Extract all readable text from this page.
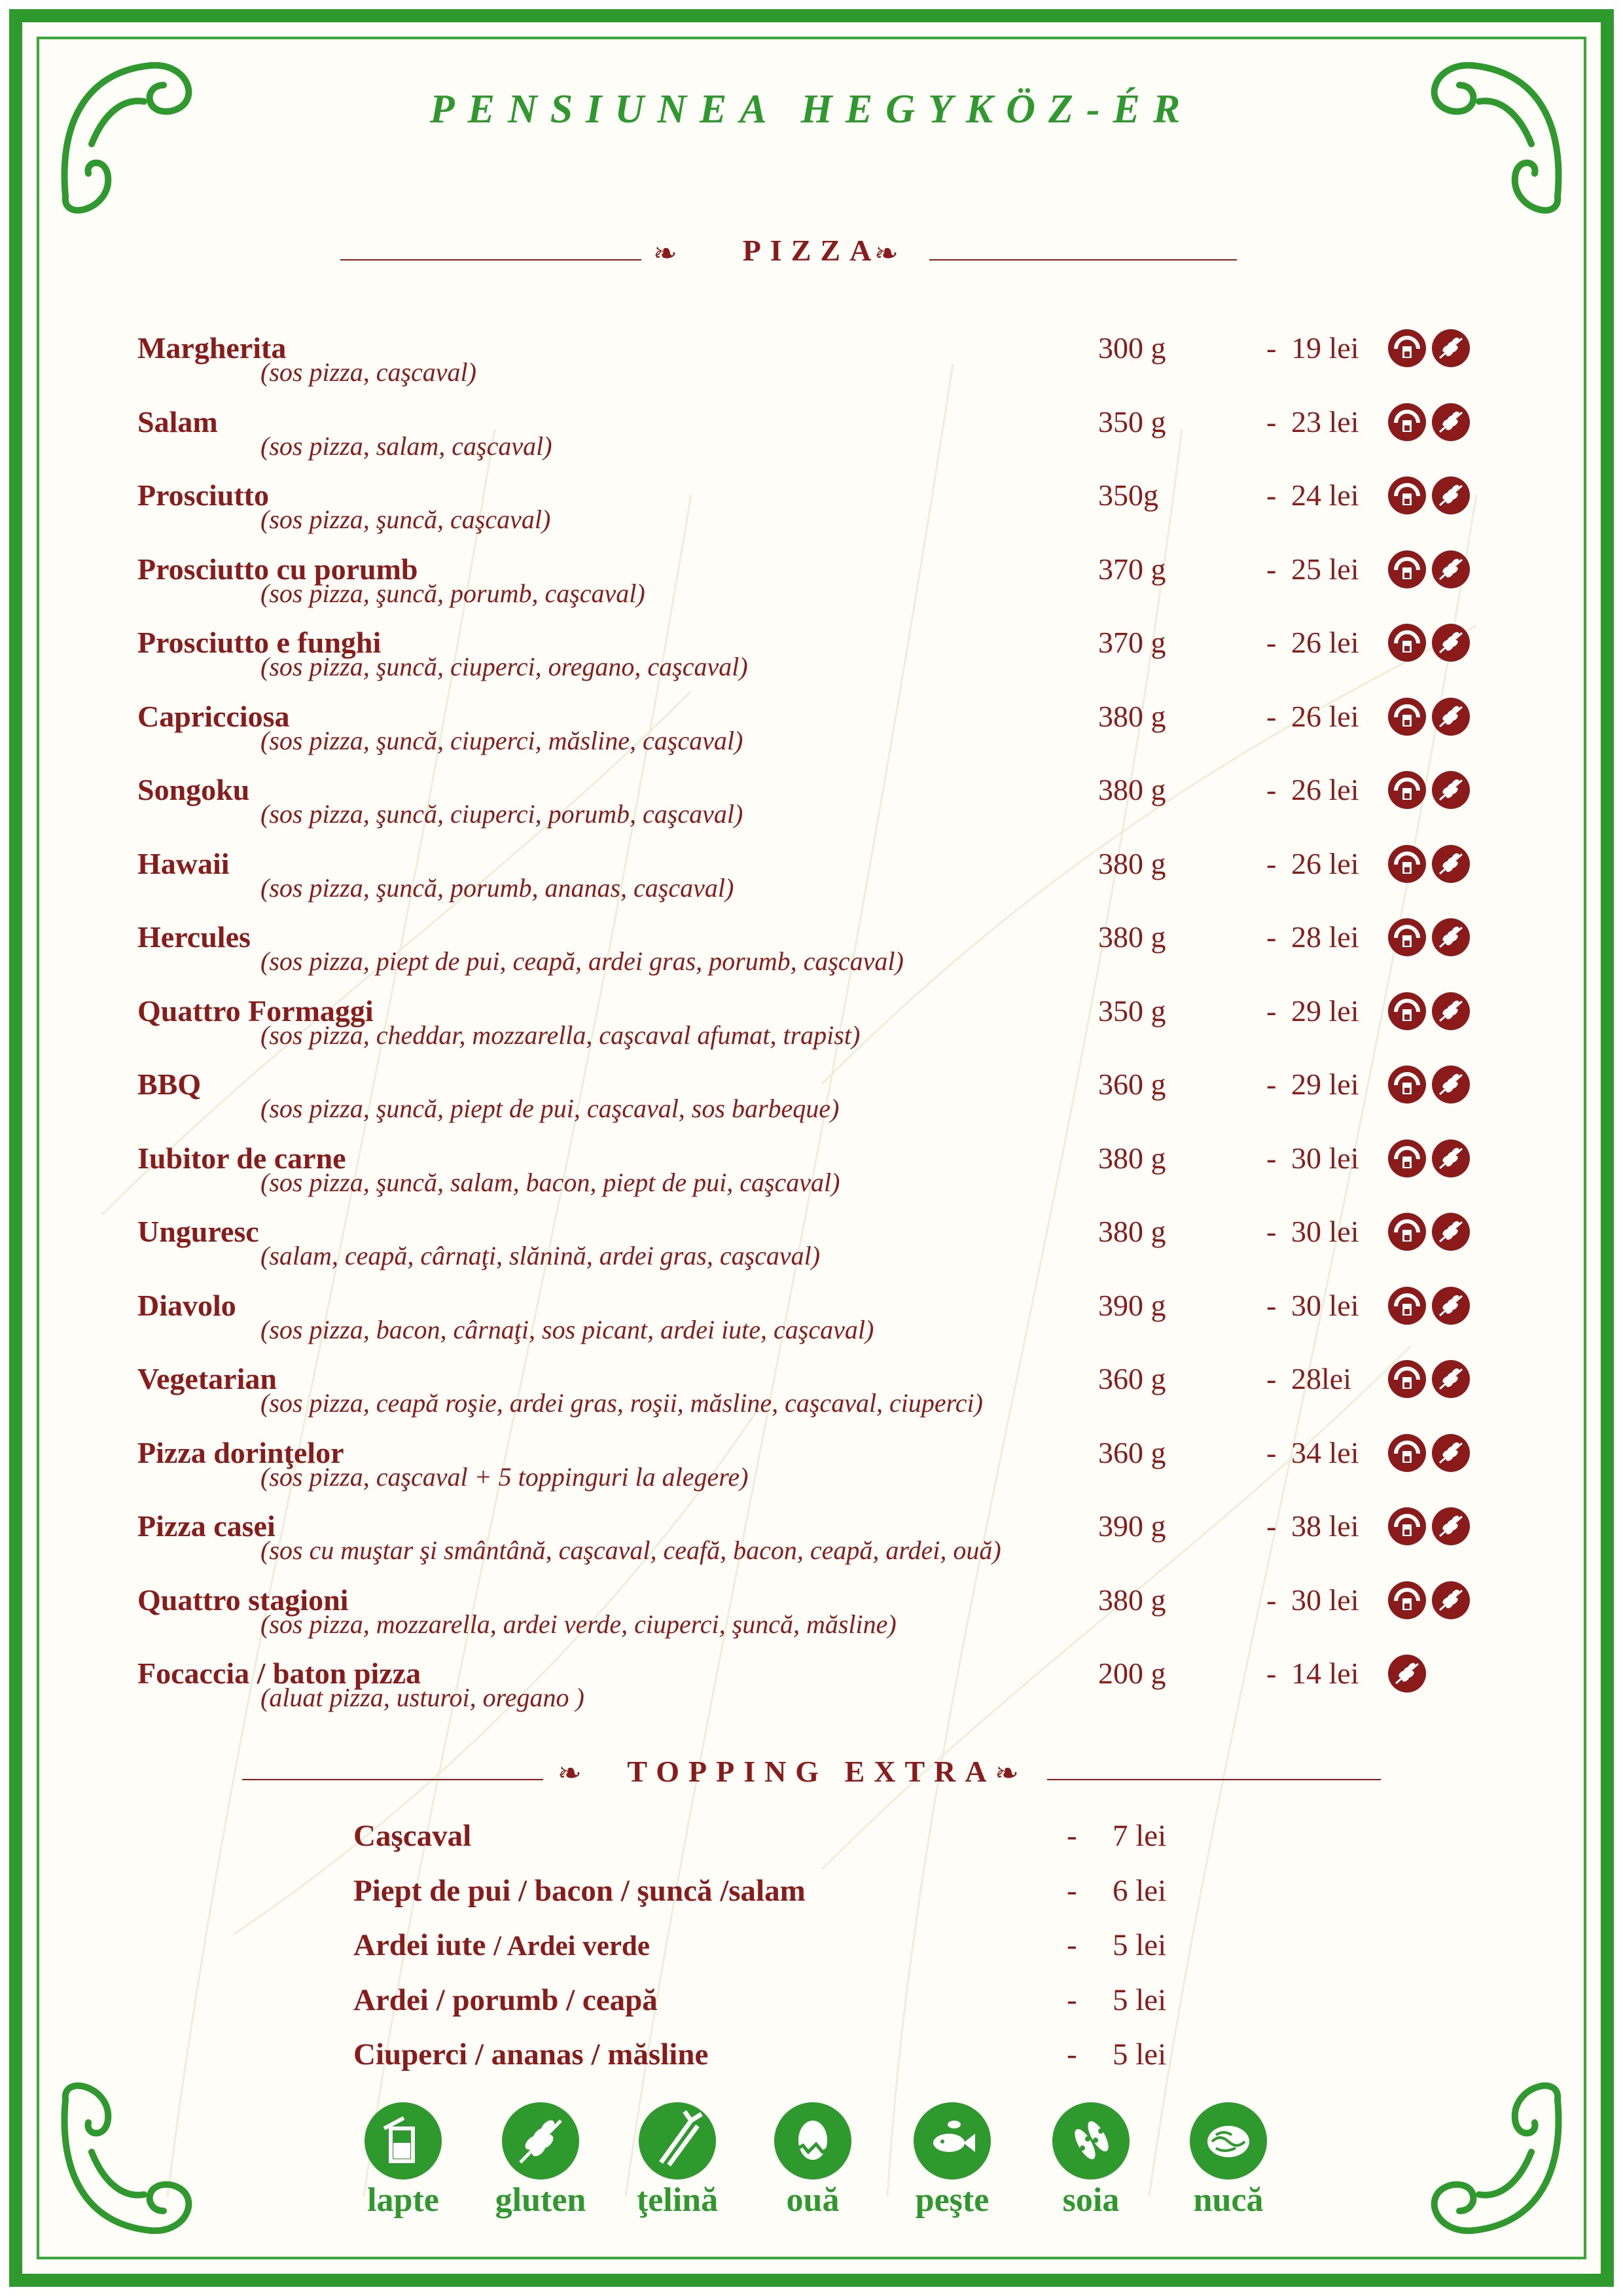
PENSIUNEA HEGYKÖZ-ÉR
❧	PIZZA
❧
Margherita
(sos pizza, caşcaval)
300 g	19 lei
-
Salam
(sos pizza, salam, caşcaval)
350 g	23 lei
-
Prosciutto
(sos pizza, şuncă, caşcaval)
350g	24 lei
-
Prosciutto cu porumb
(sos pizza, şuncă, porumb, caşcaval)
370 g	25 lei
-
Prosciutto e funghi
(sos pizza, şuncă, ciuperci, oregano, caşcaval)
370 g	26 lei
-
Capricciosa
(sos pizza, şuncă, ciuperci, măsline, caşcaval)
380 g	26 lei
-
Songoku
(sos pizza, şuncă, ciuperci, porumb, caşcaval)
380 g	26 lei
-
Hawaii
(sos pizza, şuncă, porumb, ananas, caşcaval)
380 g	26 lei
-
Hercules
(sos pizza, piept de pui, ceapă, ardei gras, porumb, caşcaval)
380 g	28 lei
-
Quattro Formaggi
(sos pizza, cheddar, mozzarella, caşcaval afumat, trapist)
350 g	29 lei
-
BBQ
(sos pizza, şuncă, piept de pui, caşcaval, sos barbeque)
360 g	29 lei
-
Iubitor de carne
(sos pizza, şuncă, salam, bacon, piept de pui, caşcaval)
380 g	30 lei
-
Unguresc
(salam, ceapă, cârnaţi, slănină, ardei gras, caşcaval)
380 g	30 lei
-
Diavolo
(sos pizza, bacon, cârnaţi, sos picant, ardei iute, caşcaval)
390 g	30 lei
-
Vegetarian
(sos pizza, ceapă roşie, ardei gras, roşii, măsline, caşcaval, ciuperci)
360 g	28lei
-
Pizza dorinţelor
(sos pizza, caşcaval + 5 toppinguri la alegere)
360 g	34 lei
-
Pizza casei
(sos cu muştar şi smântână, caşcaval, ceafă, bacon, ceapă, ardei, ouă)
390 g	38 lei
-
Quattro stagioni
(sos pizza, mozzarella, ardei verde, ciuperci, şuncă, măsline)
380 g	30 lei
-
Focaccia / baton pizza
(aluat pizza, usturoi, oregano )
200 g	14 lei
-
❧	TOPPING EXTRA
❧
Caşcaval	- 7 lei
Piept de pui / bacon / şuncă /salam	- 6 lei
Ardei iute / Ardei verde	- 5 lei
Ardei / porumb / ceapă	- 5 lei
Ciuperci / ananas / măsline	- 5 lei
lapte	gluten	ţelină	ouă	peşte	soia	nucă
